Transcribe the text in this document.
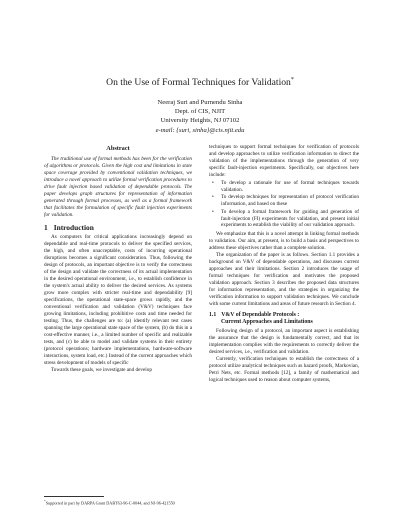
On the Use of Formal Techniques for Validation*
Neeraj Suri and Purnendu Sinha
Dept. of CIS, NJIT
University Heights, NJ 07102
e-mail: {suri, sinha}@cis.njit.edu
Abstract

The traditional use of formal methods has been for the verification of algorithms or protocols. Given the high cost and limitations in state space coverage provided by conventional validation techniques, we introduce a novel approach to utilize formal verification procedures to drive fault injection based validation of dependable protocols. The paper develops graph structures for representation of information generated through formal processes, as well as a formal framework that facilitates the formulation of specific fault injection experiments for validation.

1 Introduction

As computers for critical applications increasingly depend on dependable and real-time protocols to deliver the specified services, the high, and often unacceptable, costs of incurring operational disruptions becomes a significant consideration. Thus, following the design of protocols, an important objective is to verify the correctness of the design and validate the correctness of its actual implementation in the desired operational environment, i.e., to establish confidence in the system's actual ability to deliver the desired services. As systems grow more complex with stricter real-time and dependability [9] specifications, the operational state-space grows rapidly, and the conventional verification and validation (V&V) techniques face growing limitations, including prohibitive costs and time needed for testing. Thus, the challenges are to: (a) identify relevant test cases spanning the large operational state space of the system, (b) do this in a cost-effective manner, i.e., a limited number of specific and realizable tests, and (c) be able to model and validate systems in their entirety (protocol operations; hardware implementations, hardware-software interactions, system load, etc.) Instead of the current approaches which stress development of models of specific

Towards these goals, we investigate and develop

techniques to support formal techniques for verification of protocols and develop approaches to utilize verification information to direct the validation of the implementations through the generation of very specific fault-injection experiments. Specifically, our objectives here include:

• To develop a rationale for use of formal techniques towards validation.
• To develop techniques for representation of protocol verification information, and based on these
• To develop a formal framework for guiding and generation of fault-injection (FI) experiments for validation, and present initial experiments to establish the viability of our validation approach.

We emphasize that this is a novel attempt in linking formal methods to validation. Our aim, at present, is to build a basis and perspectives to address these objectives rather than a complete solution.

The organization of the paper is as follows. Section 1.1 provides a background on V&V of dependable operations, and discusses current approaches and their limitations. Section 2 introduces the usage of formal techniques for verification and motivates the proposed validation approach. Section 3 describes the proposed data structures for information representation, and the strategies in organizing the verification information to support validation techniques. We conclude with some current limitations and areas of future research in Section 4.

1.1 V&V of Dependable Protocols :
Current Approaches and Limitations

Following design of a protocol, an important aspect is establishing the assurance that the design is fundamentally correct, and that its implementation complies with the requirements to correctly deliver the desired services, i.e., verification and validation.

Currently, verification techniques to establish the correctness of a protocol utilize analytical techniques such as hazard proofs, Markovian, Petri Nets, etc. Formal methods [12], a family of mathematical and logical techniques used to reason about computer systems,

*Supported in part by DARPA Grant DABT63-96-C-0044, and NJ-96-421550
